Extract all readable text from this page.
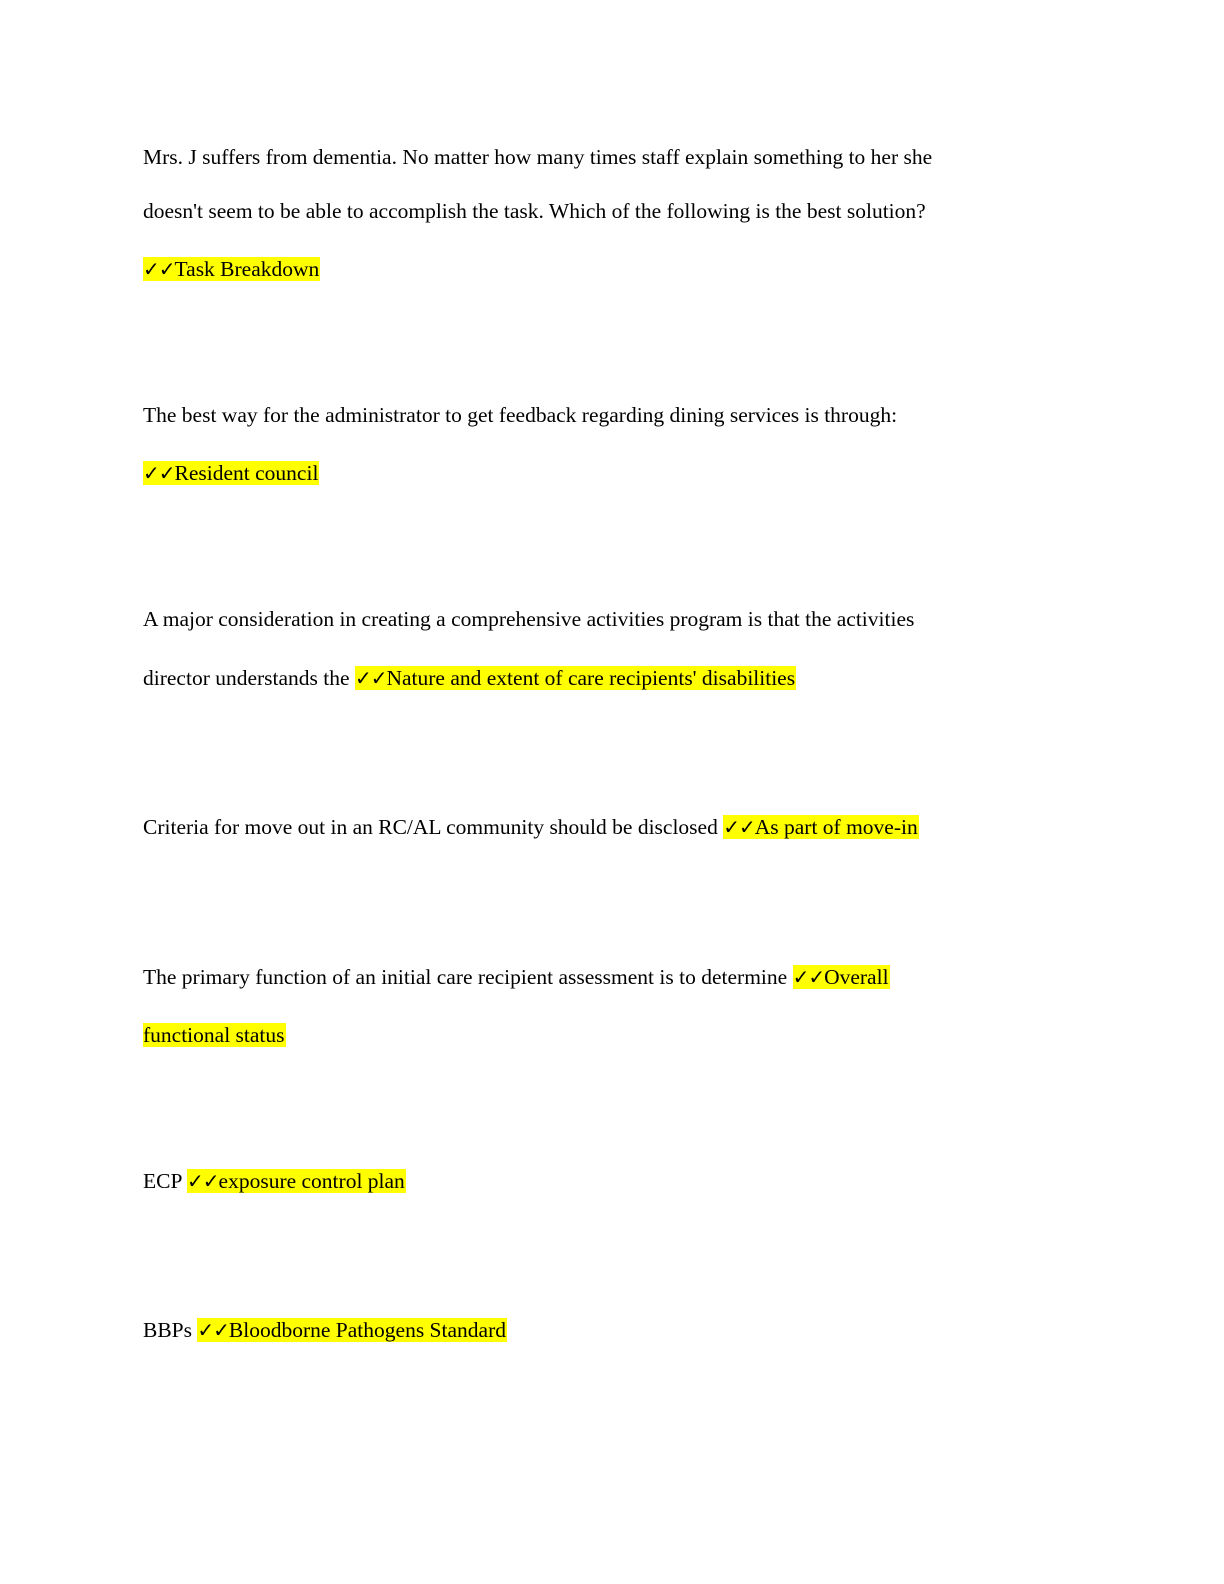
Mrs. J suffers from dementia. No matter how many times staff explain something to her she
doesn't seem to be able to accomplish the task. Which of the following is the best solution?
✓✓Task Breakdown
The best way for the administrator to get feedback regarding dining services is through:
✓✓Resident council
A major consideration in creating a comprehensive activities program is that the activities
director understands the ✓✓Nature and extent of care recipients' disabilities
Criteria for move out in an RC/AL community should be disclosed ✓✓As part of move-in
The primary function of an initial care recipient assessment is to determine ✓✓Overall
functional status
ECP ✓✓exposure control plan
BBPs ✓✓Bloodborne Pathogens Standard
